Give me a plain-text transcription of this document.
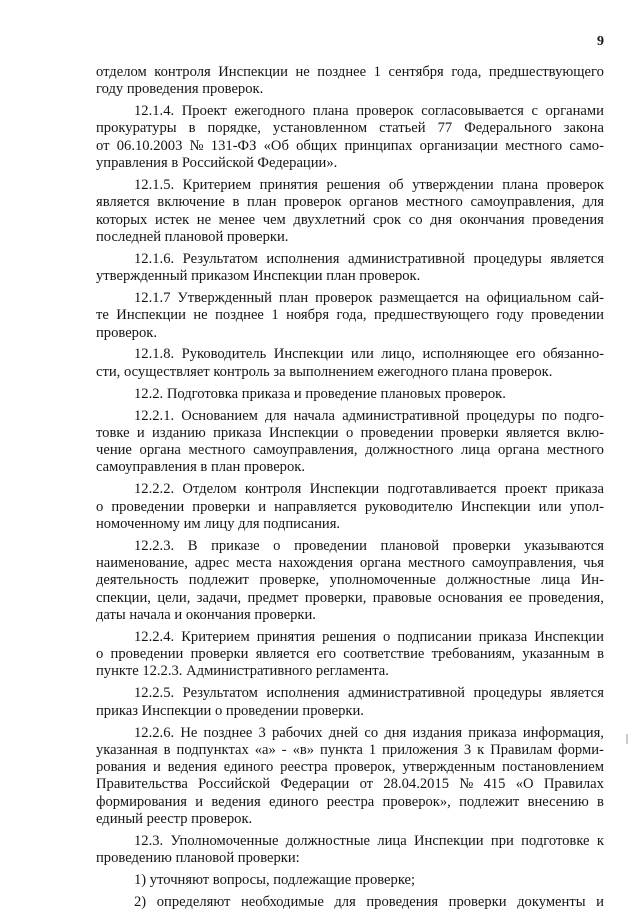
9
отделом контроля Инспекции не позднее 1 сентября года, предшествующего
году проведения проверок.
12.1.4. Проект ежегодного плана проверок согласовывается с органами
прокуратуры в порядке, установленном статьей 77 Федерального закона
от 06.10.2003 № 131-ФЗ «Об общих принципах организации местного само-
управления в Российской Федерации».
12.1.5. Критерием принятия решения об утверждении плана проверок
является включение в план проверок органов местного самоуправления, для
которых истек не менее чем двухлетний срок со дня окончания проведения
последней плановой проверки.
12.1.6. Результатом исполнения административной процедуры является
утвержденный приказом Инспекции план проверок.
12.1.7 Утвержденный план проверок размещается на официальном сай-
те Инспекции не позднее 1 ноября года, предшествующего году проведении
проверок.
12.1.8. Руководитель Инспекции или лицо, исполняющее его обязанно-
сти, осуществляет контроль за выполнением ежегодного плана проверок.
12.2. Подготовка приказа и проведение плановых проверок.
12.2.1. Основанием для начала административной процедуры по подго-
товке и изданию приказа Инспекции о проведении проверки является вклю-
чение органа местного самоуправления, должностного лица органа местного
самоуправления в план проверок.
12.2.2. Отделом контроля Инспекции подготавливается проект приказа
о проведении проверки и направляется руководителю Инспекции или упол-
номоченному им лицу для подписания.
12.2.3. В приказе о проведении плановой проверки указываются
наименование, адрес места нахождения органа местного самоуправления, чья
деятельность подлежит проверке, уполномоченные должностные лица Ин-
спекции, цели, задачи, предмет проверки, правовые основания ее проведения,
даты начала и окончания проверки.
12.2.4. Критерием принятия решения о подписании приказа Инспекции
о проведении проверки является его соответствие требованиям, указанным в
пункте 12.2.3. Административного регламента.
12.2.5. Результатом исполнения административной процедуры является
приказ Инспекции о проведении проверки.
12.2.6. Не позднее 3 рабочих дней со дня издания приказа информация,
указанная в подпунктах «а» - «в» пункта 1 приложения 3 к Правилам форми-
рования и ведения единого реестра проверок, утвержденным постановлением
Правительства Российской Федерации от 28.04.2015 № 415 «О Правилах
формирования и ведения единого реестра проверок», подлежит внесению в
единый реестр проверок.
12.3. Уполномоченные должностные лица Инспекции при подготовке к
проведению плановой проверки:
1) уточняют вопросы, подлежащие проверке;
2) определяют необходимые для проведения проверки документы и
